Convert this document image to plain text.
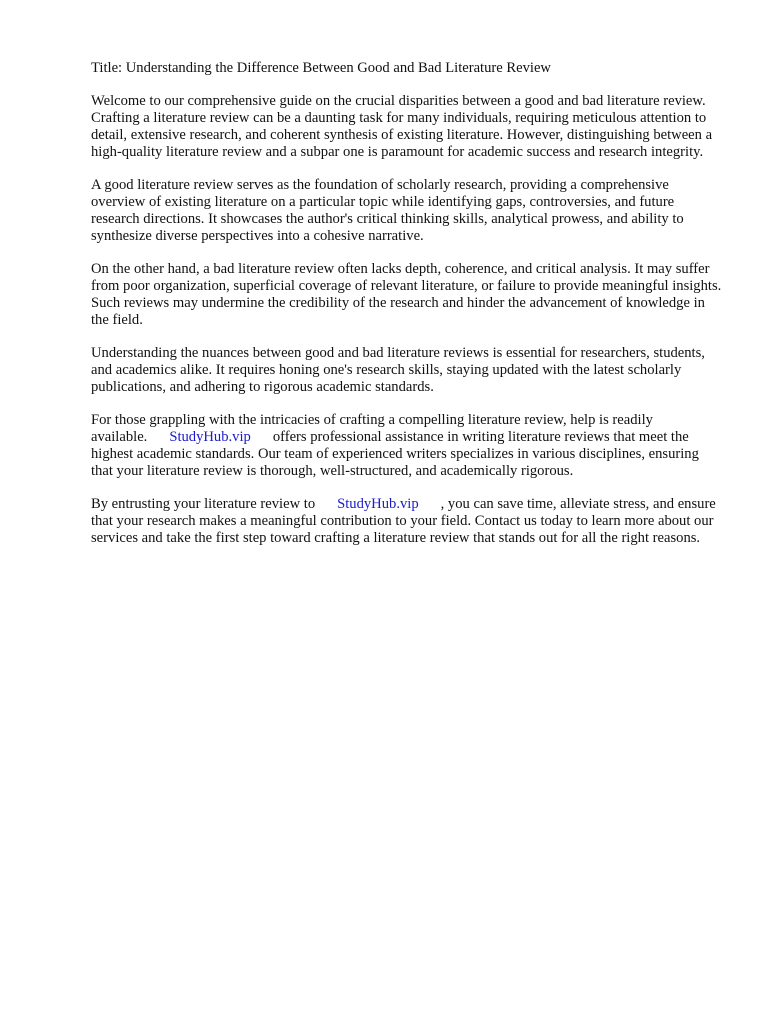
Title: Understanding the Difference Between Good and Bad Literature Review

Welcome to our comprehensive guide on the crucial disparities between a good and bad literature review. Crafting a literature review can be a daunting task for many individuals, requiring meticulous attention to detail, extensive research, and coherent synthesis of existing literature. However, distinguishing between a high-quality literature review and a subpar one is paramount for academic success and research integrity.

A good literature review serves as the foundation of scholarly research, providing a comprehensive overview of existing literature on a particular topic while identifying gaps, controversies, and future research directions. It showcases the author's critical thinking skills, analytical prowess, and ability to synthesize diverse perspectives into a cohesive narrative.

On the other hand, a bad literature review often lacks depth, coherence, and critical analysis. It may suffer from poor organization, superficial coverage of relevant literature, or failure to provide meaningful insights. Such reviews may undermine the credibility of the research and hinder the advancement of knowledge in the field.

Understanding the nuances between good and bad literature reviews is essential for researchers, students, and academics alike. It requires honing one's research skills, staying updated with the latest scholarly publications, and adhering to rigorous academic standards.

For those grappling with the intricacies of crafting a compelling literature review, help is readily available. StudyHub.vip offers professional assistance in writing literature reviews that meet the highest academic standards. Our team of experienced writers specializes in various disciplines, ensuring that your literature review is thorough, well-structured, and academically rigorous.

By entrusting your literature review to StudyHub.vip , you can save time, alleviate stress, and ensure that your research makes a meaningful contribution to your field. Contact us today to learn more about our services and take the first step toward crafting a literature review that stands out for all the right reasons.
